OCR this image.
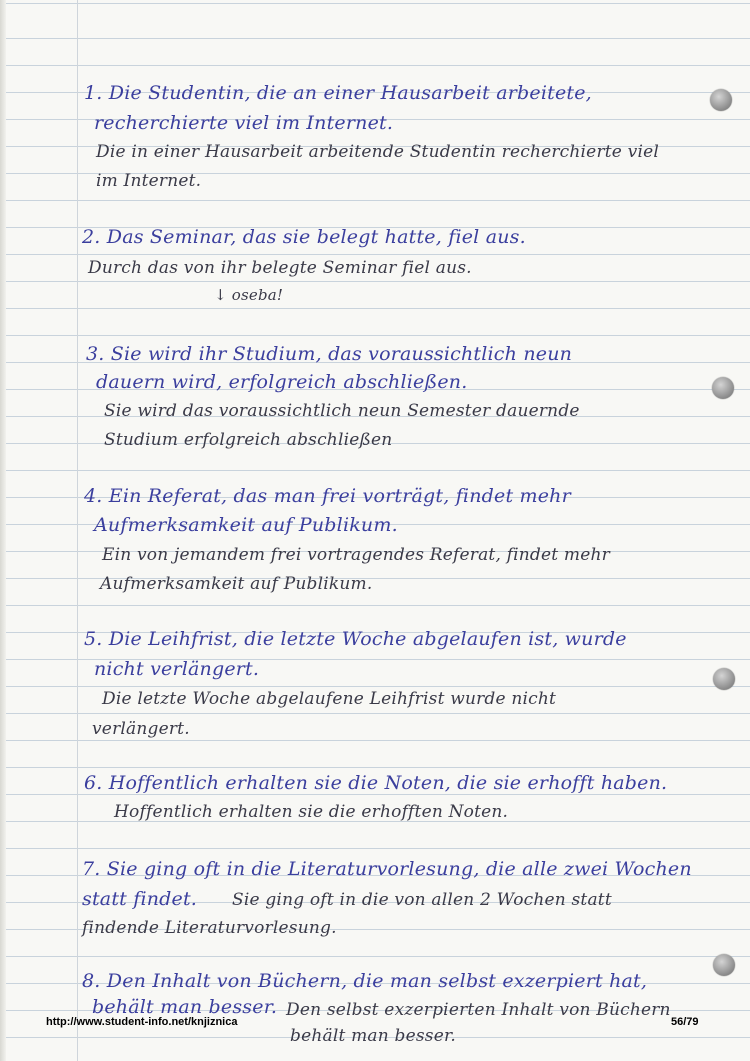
1. Die Studentin, die an einer Hausarbeit arbeitete,
recherchierte viel im Internet.
Die in einer Hausarbeit arbeitende Studentin recherchierte viel
im Internet.
2. Das Seminar, das sie belegt hatte, fiel aus.
Durch das von ihr belegte Seminar fiel aus.
↓ oseba!
3. Sie wird ihr Studium, das voraussichtlich neun
dauern wird, erfolgreich abschließen.
Sie wird das voraussichtlich neun Semester dauernde
Studium erfolgreich abschließen
4. Ein Referat, das man frei vorträgt, findet mehr
Aufmerksamkeit auf Publikum.
Ein von jemandem frei vortragendes Referat, findet mehr
Aufmerksamkeit auf Publikum.
5. Die Leihfrist, die letzte Woche abgelaufen ist, wurde
nicht verlängert.
Die letzte Woche abgelaufene Leihfrist wurde nicht
verlängert.
6. Hoffentlich erhalten sie die Noten, die sie erhofft haben.
Hoffentlich erhalten sie die erhofften Noten.
7. Sie ging oft in die Literaturvorlesung, die alle zwei Wochen
statt findet. Sie ging oft in die von allen 2 Wochen statt
findende Literaturvorlesung.
8. Den Inhalt von Büchern, die man selbst exzerpiert hat,
behält man besser. Den selbst exzerpierten Inhalt von Büchern
behält man besser.
http://www.student-info.net/knjiznica	56/79
